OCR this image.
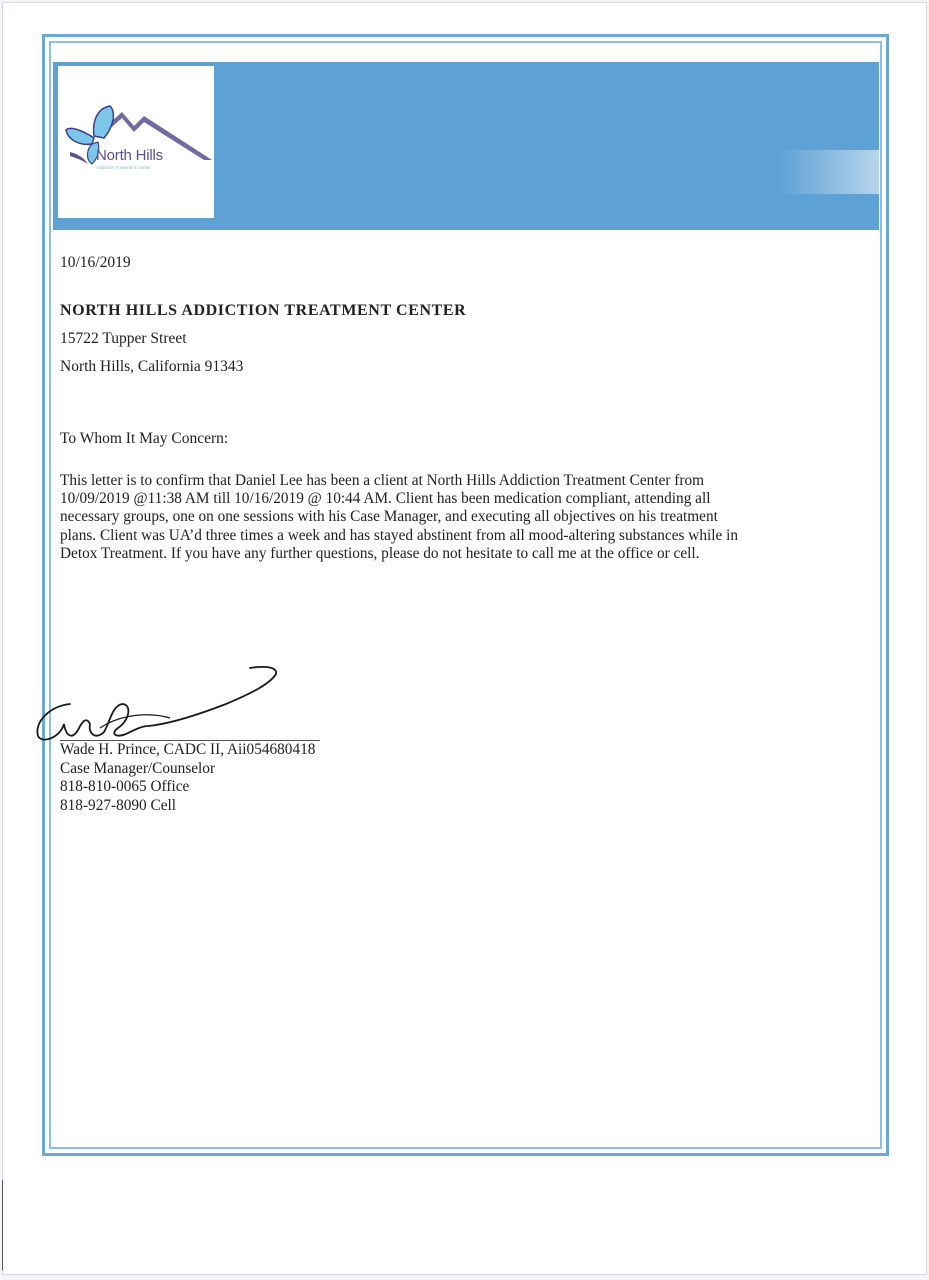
North Hills
Addiction Treatment Center
10/16/2019
NORTH HILLS ADDICTION TREATMENT CENTER
15722 Tupper Street
North Hills, California 91343
To Whom It May Concern:
This letter is to confirm that Daniel Lee has been a client at North Hills Addiction Treatment Center from
10/09/2019 @11:38 AM till 10/16/2019 @ 10:44 AM. Client has been medication compliant, attending all
necessary groups, one on one sessions with his Case Manager, and executing all objectives on his treatment
plans. Client was UA’d three times a week and has stayed abstinent from all mood-altering substances while in
Detox Treatment. If you have any further questions, please do not hesitate to call me at the office or cell.
Wade H. Prince, CADC II, Aii054680418
Case Manager/Counselor
818-810-0065 Office
818-927-8090 Cell
